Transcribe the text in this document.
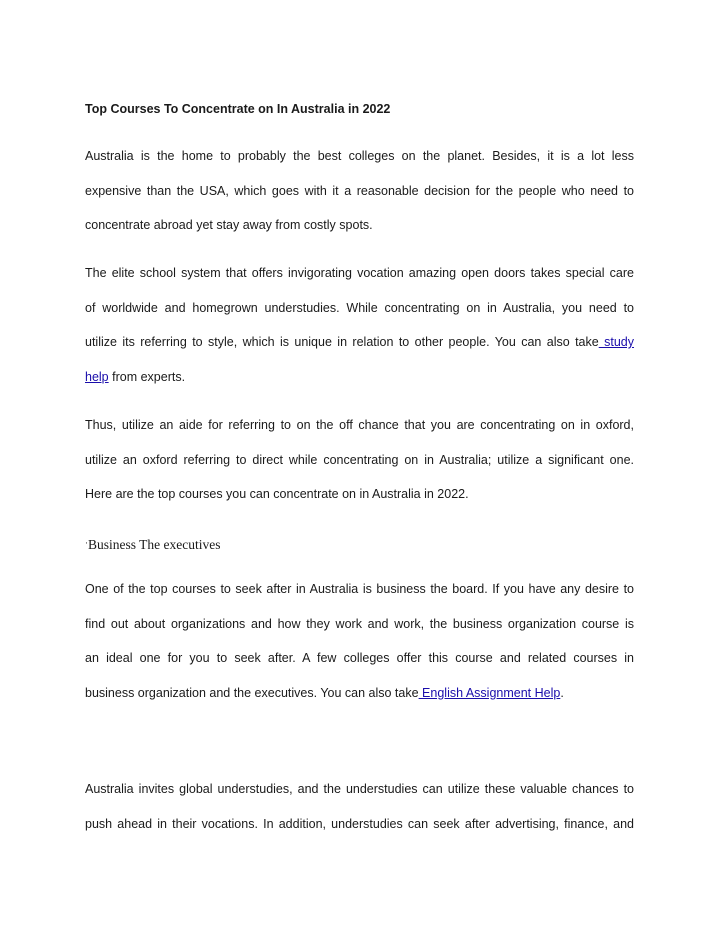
Top Courses To Concentrate on In Australia in 2022

Australia is the home to probably the best colleges on the planet. Besides, it is a lot less
expensive than the USA, which goes with it a reasonable decision for the people who need to
concentrate abroad yet stay away from costly spots.
The elite school system that offers invigorating vocation amazing open doors takes special care
of worldwide and homegrown understudies. While concentrating on in Australia, you need to
utilize its referring to style, which is unique in relation to other people. You can also take study
help from experts.
Thus, utilize an aide for referring to on the off chance that you are concentrating on in oxford,
utilize an oxford referring to direct while concentrating on in Australia; utilize a significant one.
Here are the top courses you can concentrate on in Australia in 2022.

·Business The executives

One of the top courses to seek after in Australia is business the board. If you have any desire to
find out about organizations and how they work and work, the business organization course is
an ideal one for you to seek after. A few colleges offer this course and related courses in
business organization and the executives. You can also take English Assignment Help.
Australia invites global understudies, and the understudies can utilize these valuable chances to
push ahead in their vocations. In addition, understudies can seek after advertising, finance, and
